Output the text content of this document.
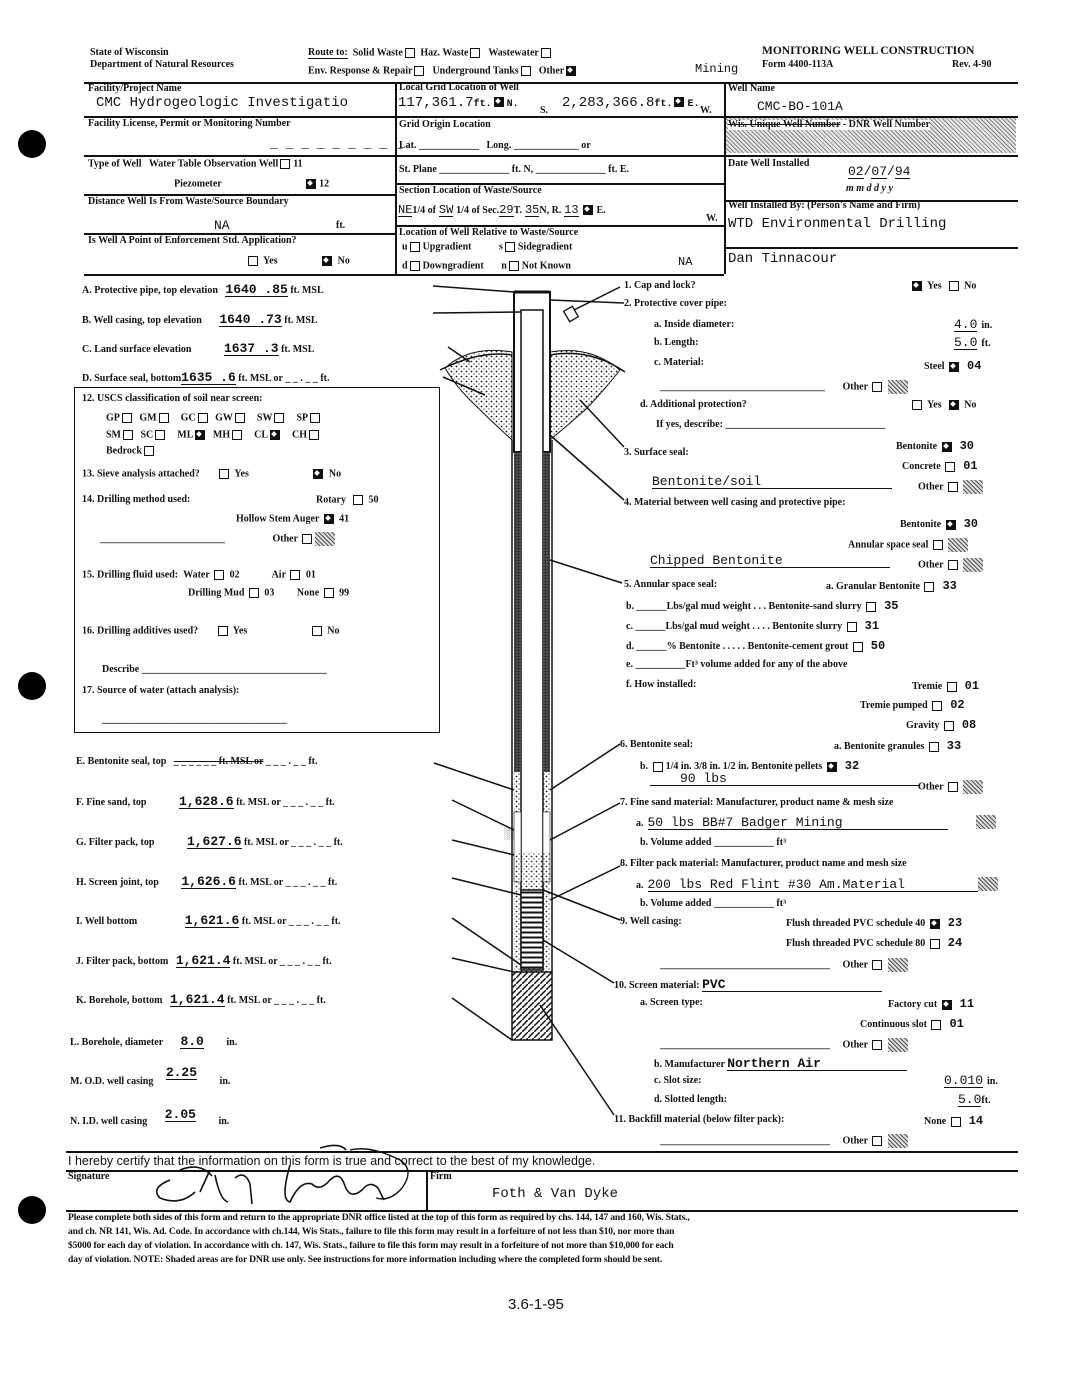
State of Wisconsin
Department of Natural Resources
Route to: Solid Waste Haz. Waste Wastewater
Env. Response & Repair Underground Tanks Other	Mining
MONITORING WELL CONSTRUCTION
Form 4400-113A	Rev. 4-90
Facility/Project Name
CMC Hydrogeologic Investigatio
Facility License, Permit or Monitoring Number
_ _ _ _ _ _ _ _ _
Type of Well Water Table Observation Well 11
Piezometer	12
Distance Well Is From Waste/Source Boundary
NA	ft.
Is Well A Point of Enforcement Std. Application?
Yes	No
Local Grid Location of Well
117,361.7ft. N.	2,283,366.8ft. E.
S.	W.
Grid Origin Location
Lat. ____________   Long. _____________ or
St. Plane ______________ ft. N, ______________ ft. E.
Section Location of Waste/Source
NE1/4 of SW 1/4 of Sec.29T. 35N, R. 13 E.
W.
Location of Well Relative to Waste/Source
u Upgradient	s Sidegradient
d Downgradient n Not Known	NA
Well Name
CMC-BO-101A
Wis. Unique Well Number - DNR Well Number
Date Well Installed
02/07/94
m m d d y y
Well Installed By: (Person's Name and Firm)
WTD Environmental Drilling
Dan Tinnacour
A. Protective pipe, top elevation 1640 .85 ft. MSL
B. Well casing, top elevation 1640 .73 ft. MSL
C. Land surface elevation	1637 .3 ft. MSL
D. Surface seal, bottom1635 .6 ft. MSL or _ _ . _ _ ft.
12. USCS classification of soil near screen:
GP GM GC GW SW SP
SM SC ML MH CL CH
Bedrock
13. Sieve analysis attached?	Yes	No
14. Drilling method used:	Rotary 50
Hollow Stem Auger 41
_________________________                   Other
15. Drilling fluid used: Water 02	Air 01
Drilling Mud 03 None 99
16. Drilling additives used?	Yes	No
Describe _____________________________________
17. Source of water (attach analysis):
_____________________________________
E. Bentonite seal, top _ _ _ _ _ _ ft. MSL or _ _ _ . _ _ ft.
F. Fine sand, top	1,628.6 ft. MSL or _ _ _ . _ _ ft.
G. Filter pack, top	1,627.6 ft. MSL or _ _ _ . _ _ ft.
H. Screen joint, top 1,626.6 ft. MSL or _ _ _ . _ _ ft.
I. Well bottom	1,621.6 ft. MSL or _ _ _ . _ _ ft.
J. Filter pack, bottom 1,621.4 ft. MSL or _ _ _ . _ _ ft.
K. Borehole, bottom 1,621.4 ft. MSL or _ _ _ . _ _ ft.
L. Borehole, diameter 8.0 in.
M. O.D. well casing     2.25         in.
N. I.D. well casing 2.05 in.
░░
1. Cap and lock?	Yes No
2. Protective cover pipe:
a. Inside diameter:	4.0 in.
b. Length:	5.0 ft.
c. Material:	Steel 04
_________________________________       Other
d. Additional protection?	Yes No
If yes, describe: ________________________________
3. Surface seal:
Bentonite 30
Concrete 01
Bentonite/soil	Other
4. Material between well casing and protective pipe:
Bentonite 30
Annular space seal
Chipped Bentonite	Other
5. Annular space seal:	a. Granular Bentonite 33
b. ______Lbs/gal mud weight . . . Bentonite-sand slurry 35
c. ______Lbs/gal mud weight . . . . Bentonite slurry 31
d. ______% Bentonite . . . . . Bentonite-cement grout 50
e. __________Ft³ volume added for any of the above
f. How installed:	Tremie 01
Tremie pumped 02
Gravity 08
6. Bentonite seal:	a. Bentonite granules 33
b. 1/4 in. 3/8 in. 1/2 in. Bentonite pellets 32
90 lbs
Other
7. Fine sand material: Manufacturer, product name & mesh size
a. 50 lbs BB#7 Badger Mining
b. Volume added ____________ ft³
8. Filter pack material: Manufacturer, product name and mesh size
a. 200 lbs Red Flint #30 Am.Material
b. Volume added ____________ ft³
9. Well casing:	Flush threaded PVC schedule 40 23
Flush threaded PVC schedule 80 24
__________________________________     Other
10. Screen material: PVC
a. Screen type:	Factory cut 11
Continuous slot 01
__________________________________     Other
b. Manufacturer Northern Air
c. Slot size:	0.010 in.
d. Slotted length:	5.0ft.
11. Backfill material (below filter pack):	None 14
__________________________________     Other
I hereby certify that the information on this form is true and correct to the best of my knowledge.
Signature	Firm
Foth & Van Dyke
Please complete both sides of this form and return to the appropriate DNR office listed at the top of this form as required by chs. 144, 147 and 160, Wis. Stats.,
and ch. NR 141, Wis. Ad. Code. In accordance with ch.144, Wis Stats., failure to file this form may result in a forfeiture of not less than $10, nor more than
$5000 for each day of violation. In accordance with ch. 147, Wis. Stats., failure to file this form may result in a forfeiture of not more than $10,000 for each
day of violation. NOTE: Shaded areas are for DNR use only. See instructions for more information including where the completed form should be sent.
3.6-1-95
